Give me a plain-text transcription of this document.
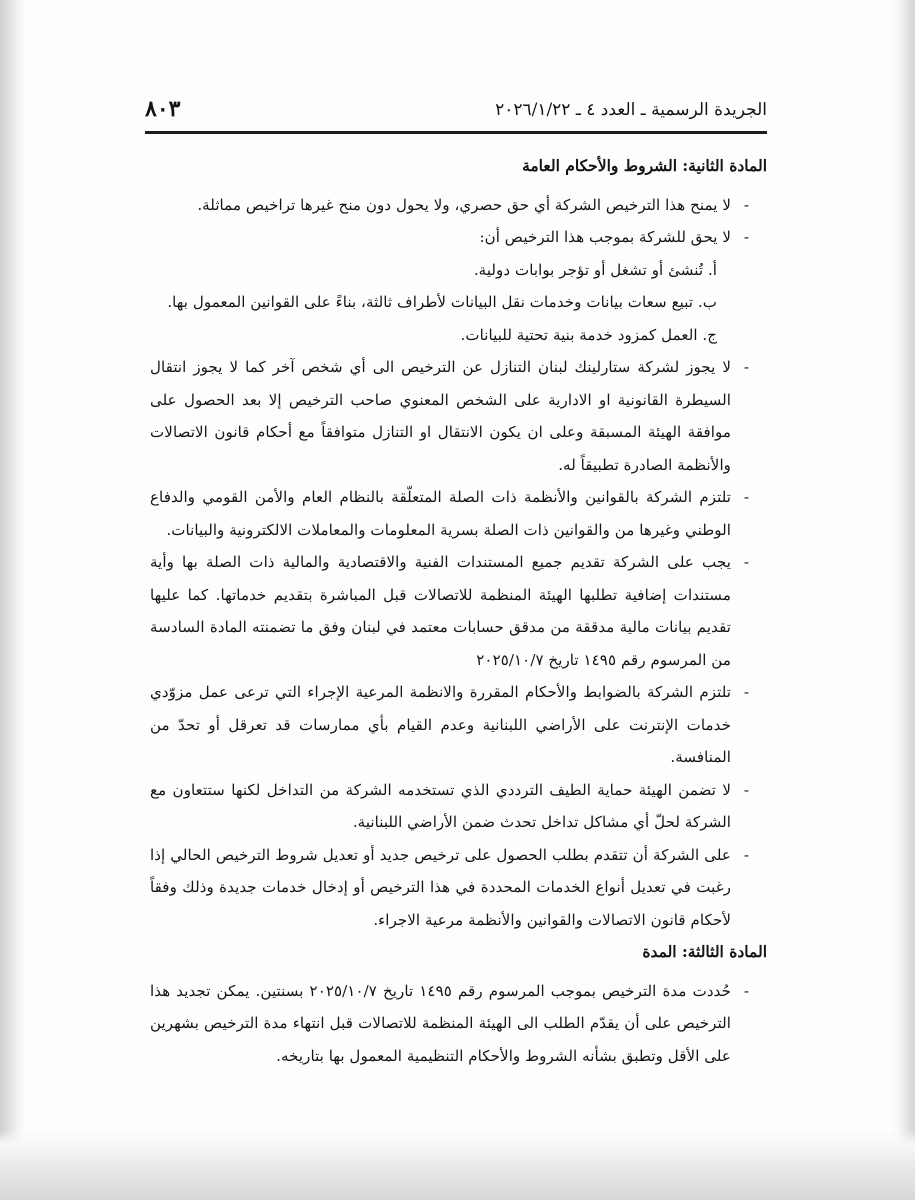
الجريدة الرسمية ـ العدد ٤ ـ ٢٠٢٦/١/٢٢
٨٠٣

المادة الثانية: الشروط والأحكام العامة

-
لا يمنح هذا الترخيص الشركة أي حق حصري، ولا يحول دون منح غيرها تراخيص مماثلة.

-
لا يحق للشركة بموجب هذا الترخيص أن:

أ. تُنشئ أو تشغل أو تؤجر بوابات دولية.

ب. تبيع سعات بيانات وخدمات نقل البيانات لأطراف ثالثة، بناءً على القوانين المعمول بها.

ج. العمل كمزود خدمة بنية تحتية للبيانات.

-
لا يجوز لشركة ستارلينك لبنان التنازل عن الترخيص الى أي شخص آخر كما لا يجوز انتقال السيطرة القانونية او الادارية على الشخص المعنوي صاحب الترخيص إلا بعد الحصول على موافقة الهيئة المسبقة وعلى ان يكون الانتقال او التنازل متوافقاً مع أحكام قانون الاتصالات والأنظمة الصادرة تطبيقاً له.

-
تلتزم الشركة بالقوانين والأنظمة ذات الصلة المتعلّقة بالنظام العام والأمن القومي والدفاع الوطني وغيرها من والقوانين ذات الصلة بسرية المعلومات والمعاملات الالكترونية والبيانات.

-
يجب على الشركة تقديم جميع المستندات الفنية والاقتصادية والمالية ذات الصلة بها وأية مستندات إضافية تطلبها الهيئة المنظمة للاتصالات قبل المباشرة بتقديم خدماتها. كما عليها تقديم بيانات مالية مدققة من مدقق حسابات معتمد في لبنان وفق ما تضمنته المادة السادسة من المرسوم رقم ١٤٩٥ تاريخ ٢٠٢٥/١٠/٧

-
تلتزم الشركة بالضوابط والأحكام المقررة والانظمة المرعية الإجراء التي ترعى عمل مزوّدي خدمات الإنترنت على الأراضي اللبنانية وعدم القيام بأي ممارسات قد تعرقل أو تحدّ من المنافسة.

-
لا تضمن الهيئة حماية الطيف الترددي الذي تستخدمه الشركة من التداخل لكنها ستتعاون مع الشركة لحلّ أي مشاكل تداخل تحدث ضمن الأراضي اللبنانية.

-
على الشركة أن تتقدم بطلب الحصول على ترخيص جديد أو تعديل شروط الترخيص الحالي إذا رغبت في تعديل أنواع الخدمات المحددة في هذا الترخيص أو إدخال خدمات جديدة وذلك وفقاً لأحكام قانون الاتصالات والقوانين والأنظمة مرعية الاجراء.

المادة الثالثة: المدة

-
حُددت مدة الترخيص بموجب المرسوم رقم ١٤٩٥ تاريخ ٢٠٢٥/١٠/٧ بسنتين. يمكن تجديد هذا الترخيص على أن يقدّم الطلب الى الهيئة المنظمة للاتصالات قبل انتهاء مدة الترخيص بشهرين على الأقل وتطبق بشأنه الشروط والأحكام التنظيمية المعمول بها بتاريخه.
